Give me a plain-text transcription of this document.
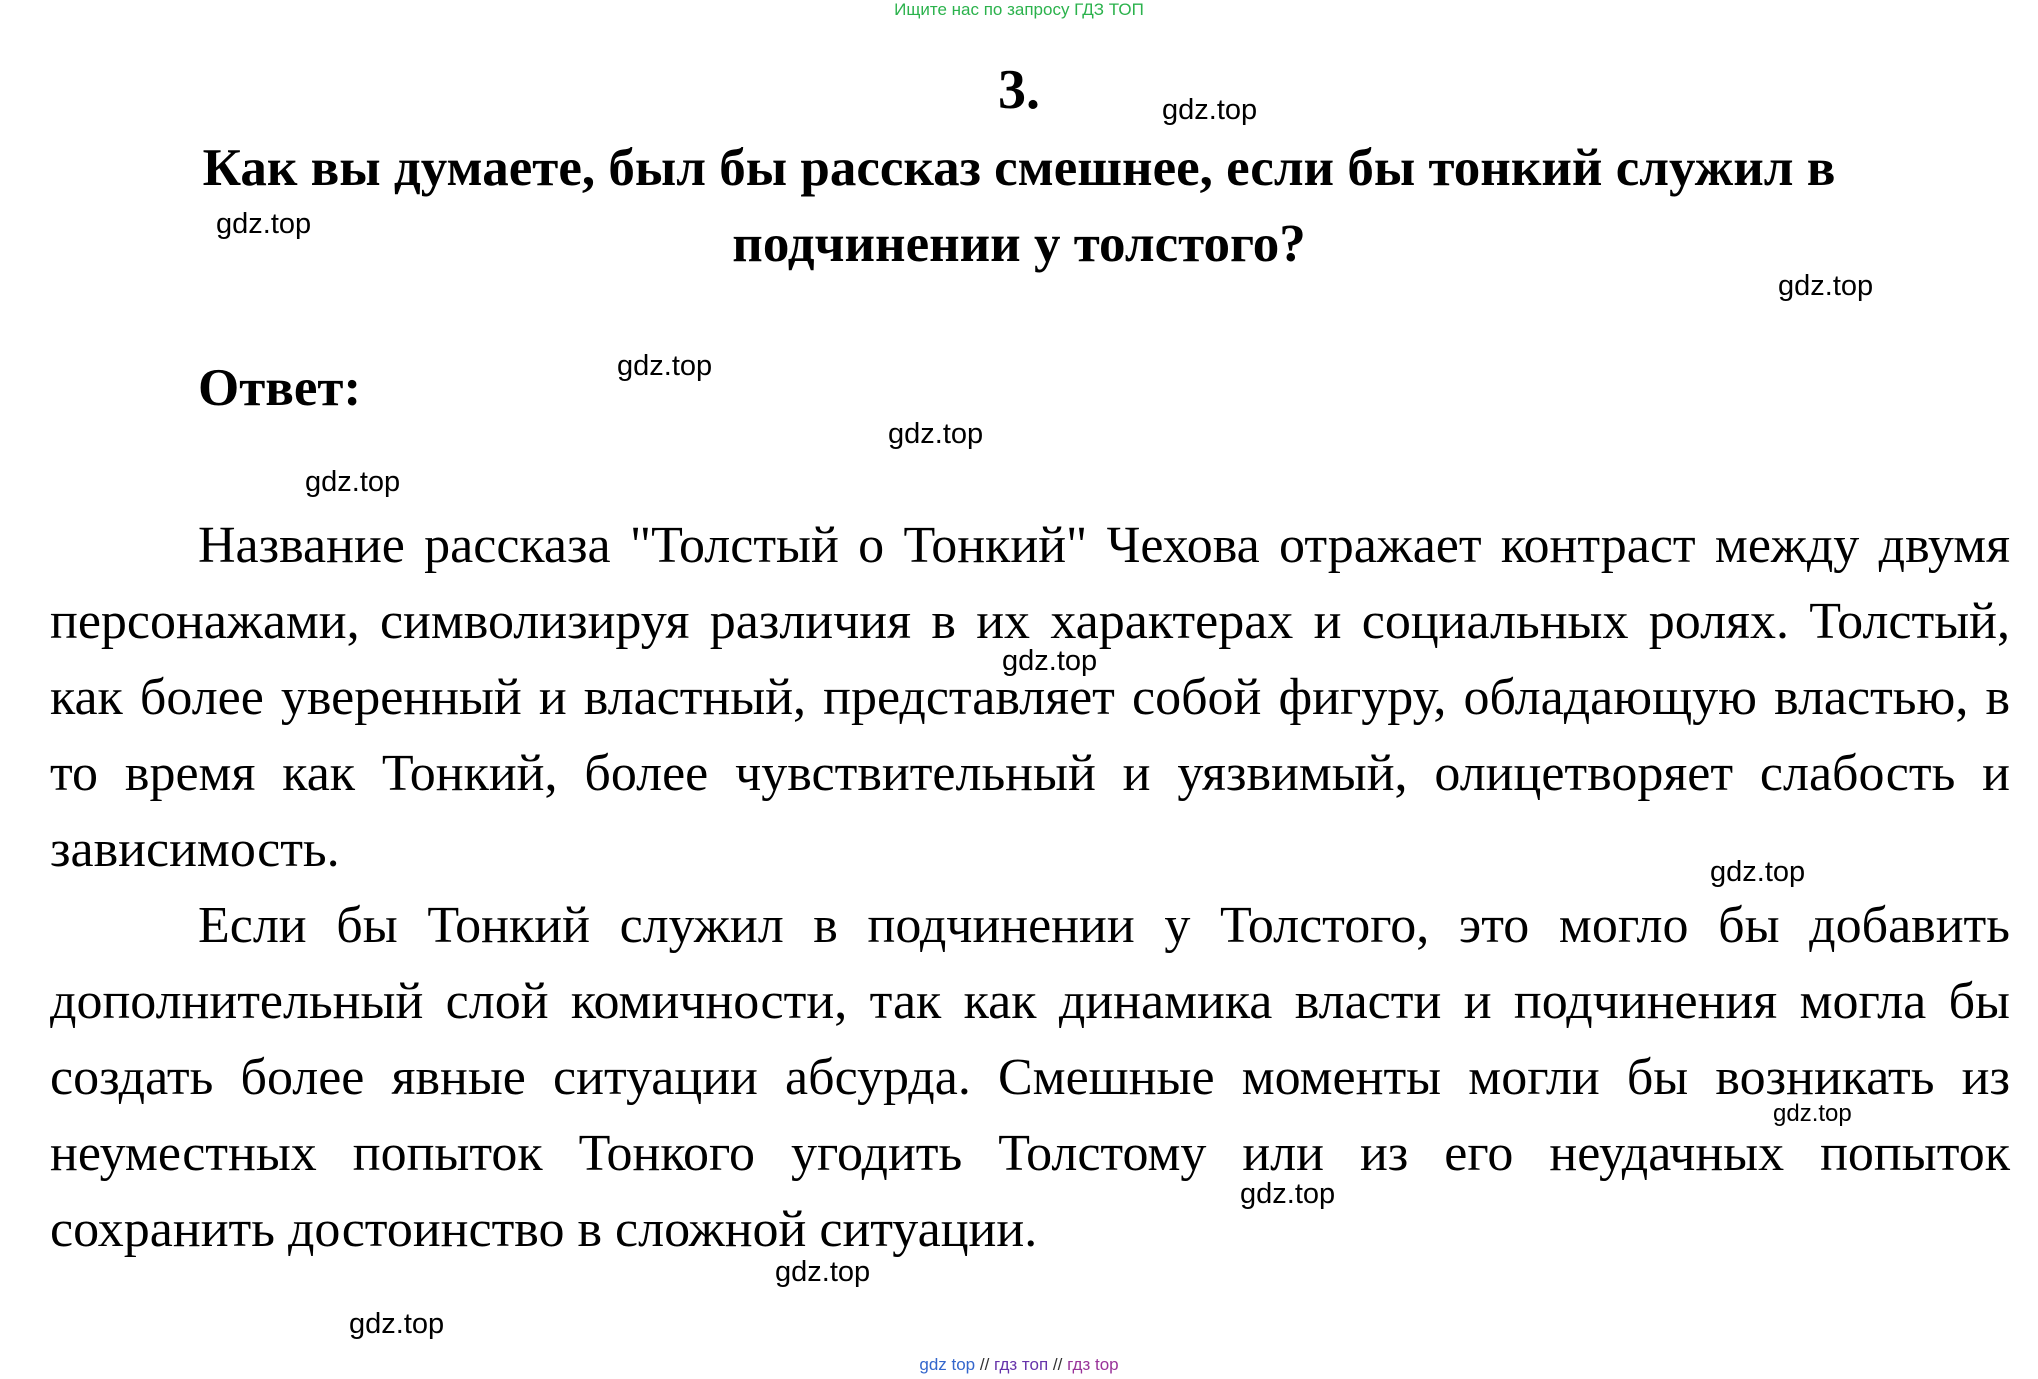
Ищите нас по запросу ГДЗ ТОП
3.
Как вы думаете, был бы рассказ смешнее, если бы тонкий служил в подчинении у толстого?
Ответ:

Название рассказа "Толстый о Тонкий" Чехова отражает контраст между двумя персонажами, символизируя различия в их характерах и социальных ролях. Толстый, как более уверенный и властный, представляет собой фигуру, обладающую властью, в то время как Тонкий, более чувствительный и уязвимый, олицетворяет слабость и зависимость.

Если бы Тонкий служил в подчинении у Толстого, это могло бы добавить дополнительный слой комичности, так как динамика власти и подчинения могла бы создать более явные ситуации абсурда. Смешные моменты могли бы возникать из неуместных попыток Тонкого угодить Толстому или из его неудачных попыток сохранить достоинство в сложной ситуации.

gdz.top
gdz.top
gdz.top
gdz.top
gdz.top
gdz.top
gdz.top
gdz.top
gdz.top
gdz.top
gdz.top
gdz.top
gdz top // гдз топ // гдз top
